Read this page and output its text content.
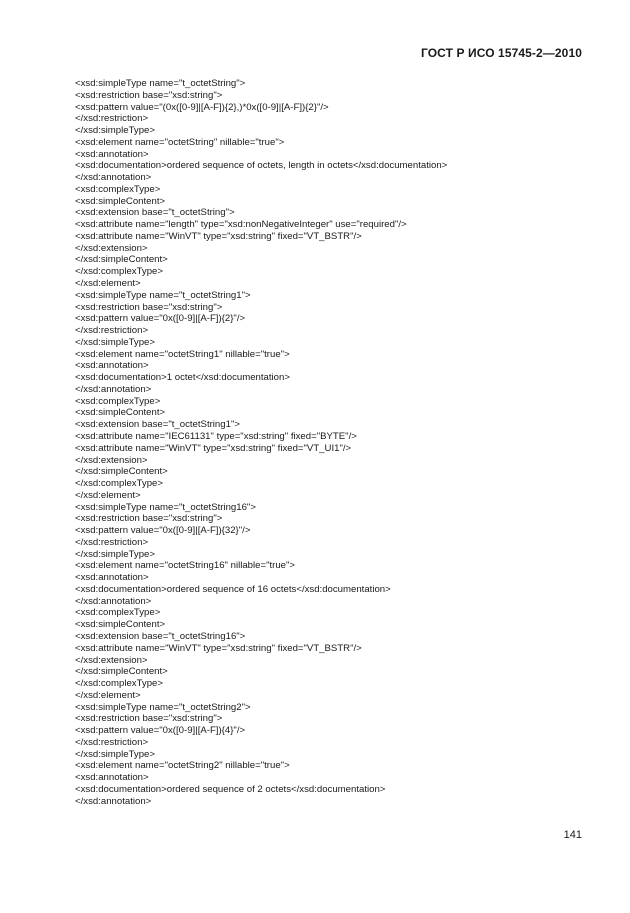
ГОСТ Р ИСО 15745-2—2010
<xsd:simpleType name="t_octetString">
<xsd:restriction base="xsd:string">
<xsd:pattern value="(0x([0-9]|[A-F]){2},)*0x([0-9]|[A-F]){2}"/>
</xsd:restriction>
</xsd:simpleType>
<xsd:element name="octetString" nillable="true">
<xsd:annotation>
<xsd:documentation>ordered sequence of octets, length in octets</xsd:documentation>
</xsd:annotation>
<xsd:complexType>
<xsd:simpleContent>
<xsd:extension base="t_octetString">
<xsd:attribute name="length" type="xsd:nonNegativeInteger" use="required"/>
<xsd:attribute name="WinVT" type="xsd:string" fixed="VT_BSTR"/>
</xsd:extension>
</xsd:simpleContent>
</xsd:complexType>
</xsd:element>
<xsd:simpleType name="t_octetString1">
<xsd:restriction base="xsd:string">
<xsd:pattern value="0x([0-9]|[A-F]){2}"/>
</xsd:restriction>
</xsd:simpleType>
<xsd:element name="octetString1" nillable="true">
<xsd:annotation>
<xsd:documentation>1 octet</xsd:documentation>
</xsd:annotation>
<xsd:complexType>
<xsd:simpleContent>
<xsd:extension base="t_octetString1">
<xsd:attribute name="IEC61131" type="xsd:string" fixed="BYTE"/>
<xsd:attribute name="WinVT" type="xsd:string" fixed="VT_UI1"/>
</xsd:extension>
</xsd:simpleContent>
</xsd:complexType>
</xsd:element>
<xsd:simpleType name="t_octetString16">
<xsd:restriction base="xsd:string">
<xsd:pattern value="0x([0-9]|[A-F]){32}"/>
</xsd:restriction>
</xsd:simpleType>
<xsd:element name="octetString16" nillable="true">
<xsd:annotation>
<xsd:documentation>ordered sequence of 16 octets</xsd:documentation>
</xsd:annotation>
<xsd:complexType>
<xsd:simpleContent>
<xsd:extension base="t_octetString16">
<xsd:attribute name="WinVT" type="xsd:string" fixed="VT_BSTR"/>
</xsd:extension>
</xsd:simpleContent>
</xsd:complexType>
</xsd:element>
<xsd:simpleType name="t_octetString2">
<xsd:restriction base="xsd:string">
<xsd:pattern value="0x([0-9]|[A-F]){4}"/>
</xsd:restriction>
</xsd:simpleType>
<xsd:element name="octetString2" nillable="true">
<xsd:annotation>
<xsd:documentation>ordered sequence of 2 octets</xsd:documentation>
</xsd:annotation>
141
